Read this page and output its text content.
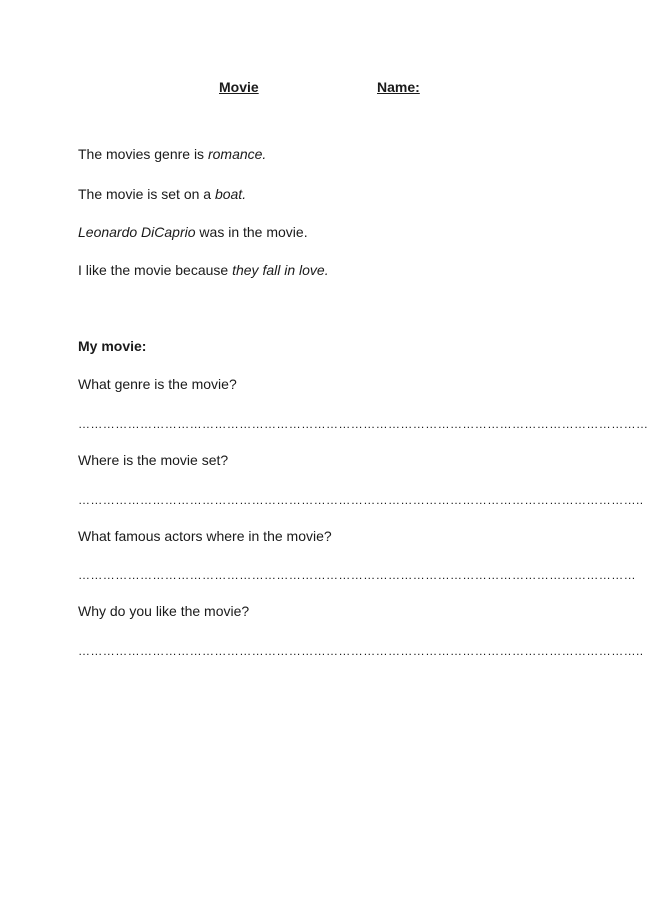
Movie	Name:
The movies genre is romance.
The movie is set on a boat.
Leonardo DiCaprio was in the movie.
I like the movie because they fall in love.
My movie:
What genre is the movie?
…………………………………………………………………………………………………………………………
Where is the movie set?
………………………………………………………………………………………………………………………..
What famous actors where in the movie?
………………………………………………………………………………………………………………………
Why do you like the movie?
………………………………………………………………………………………………………………………..
